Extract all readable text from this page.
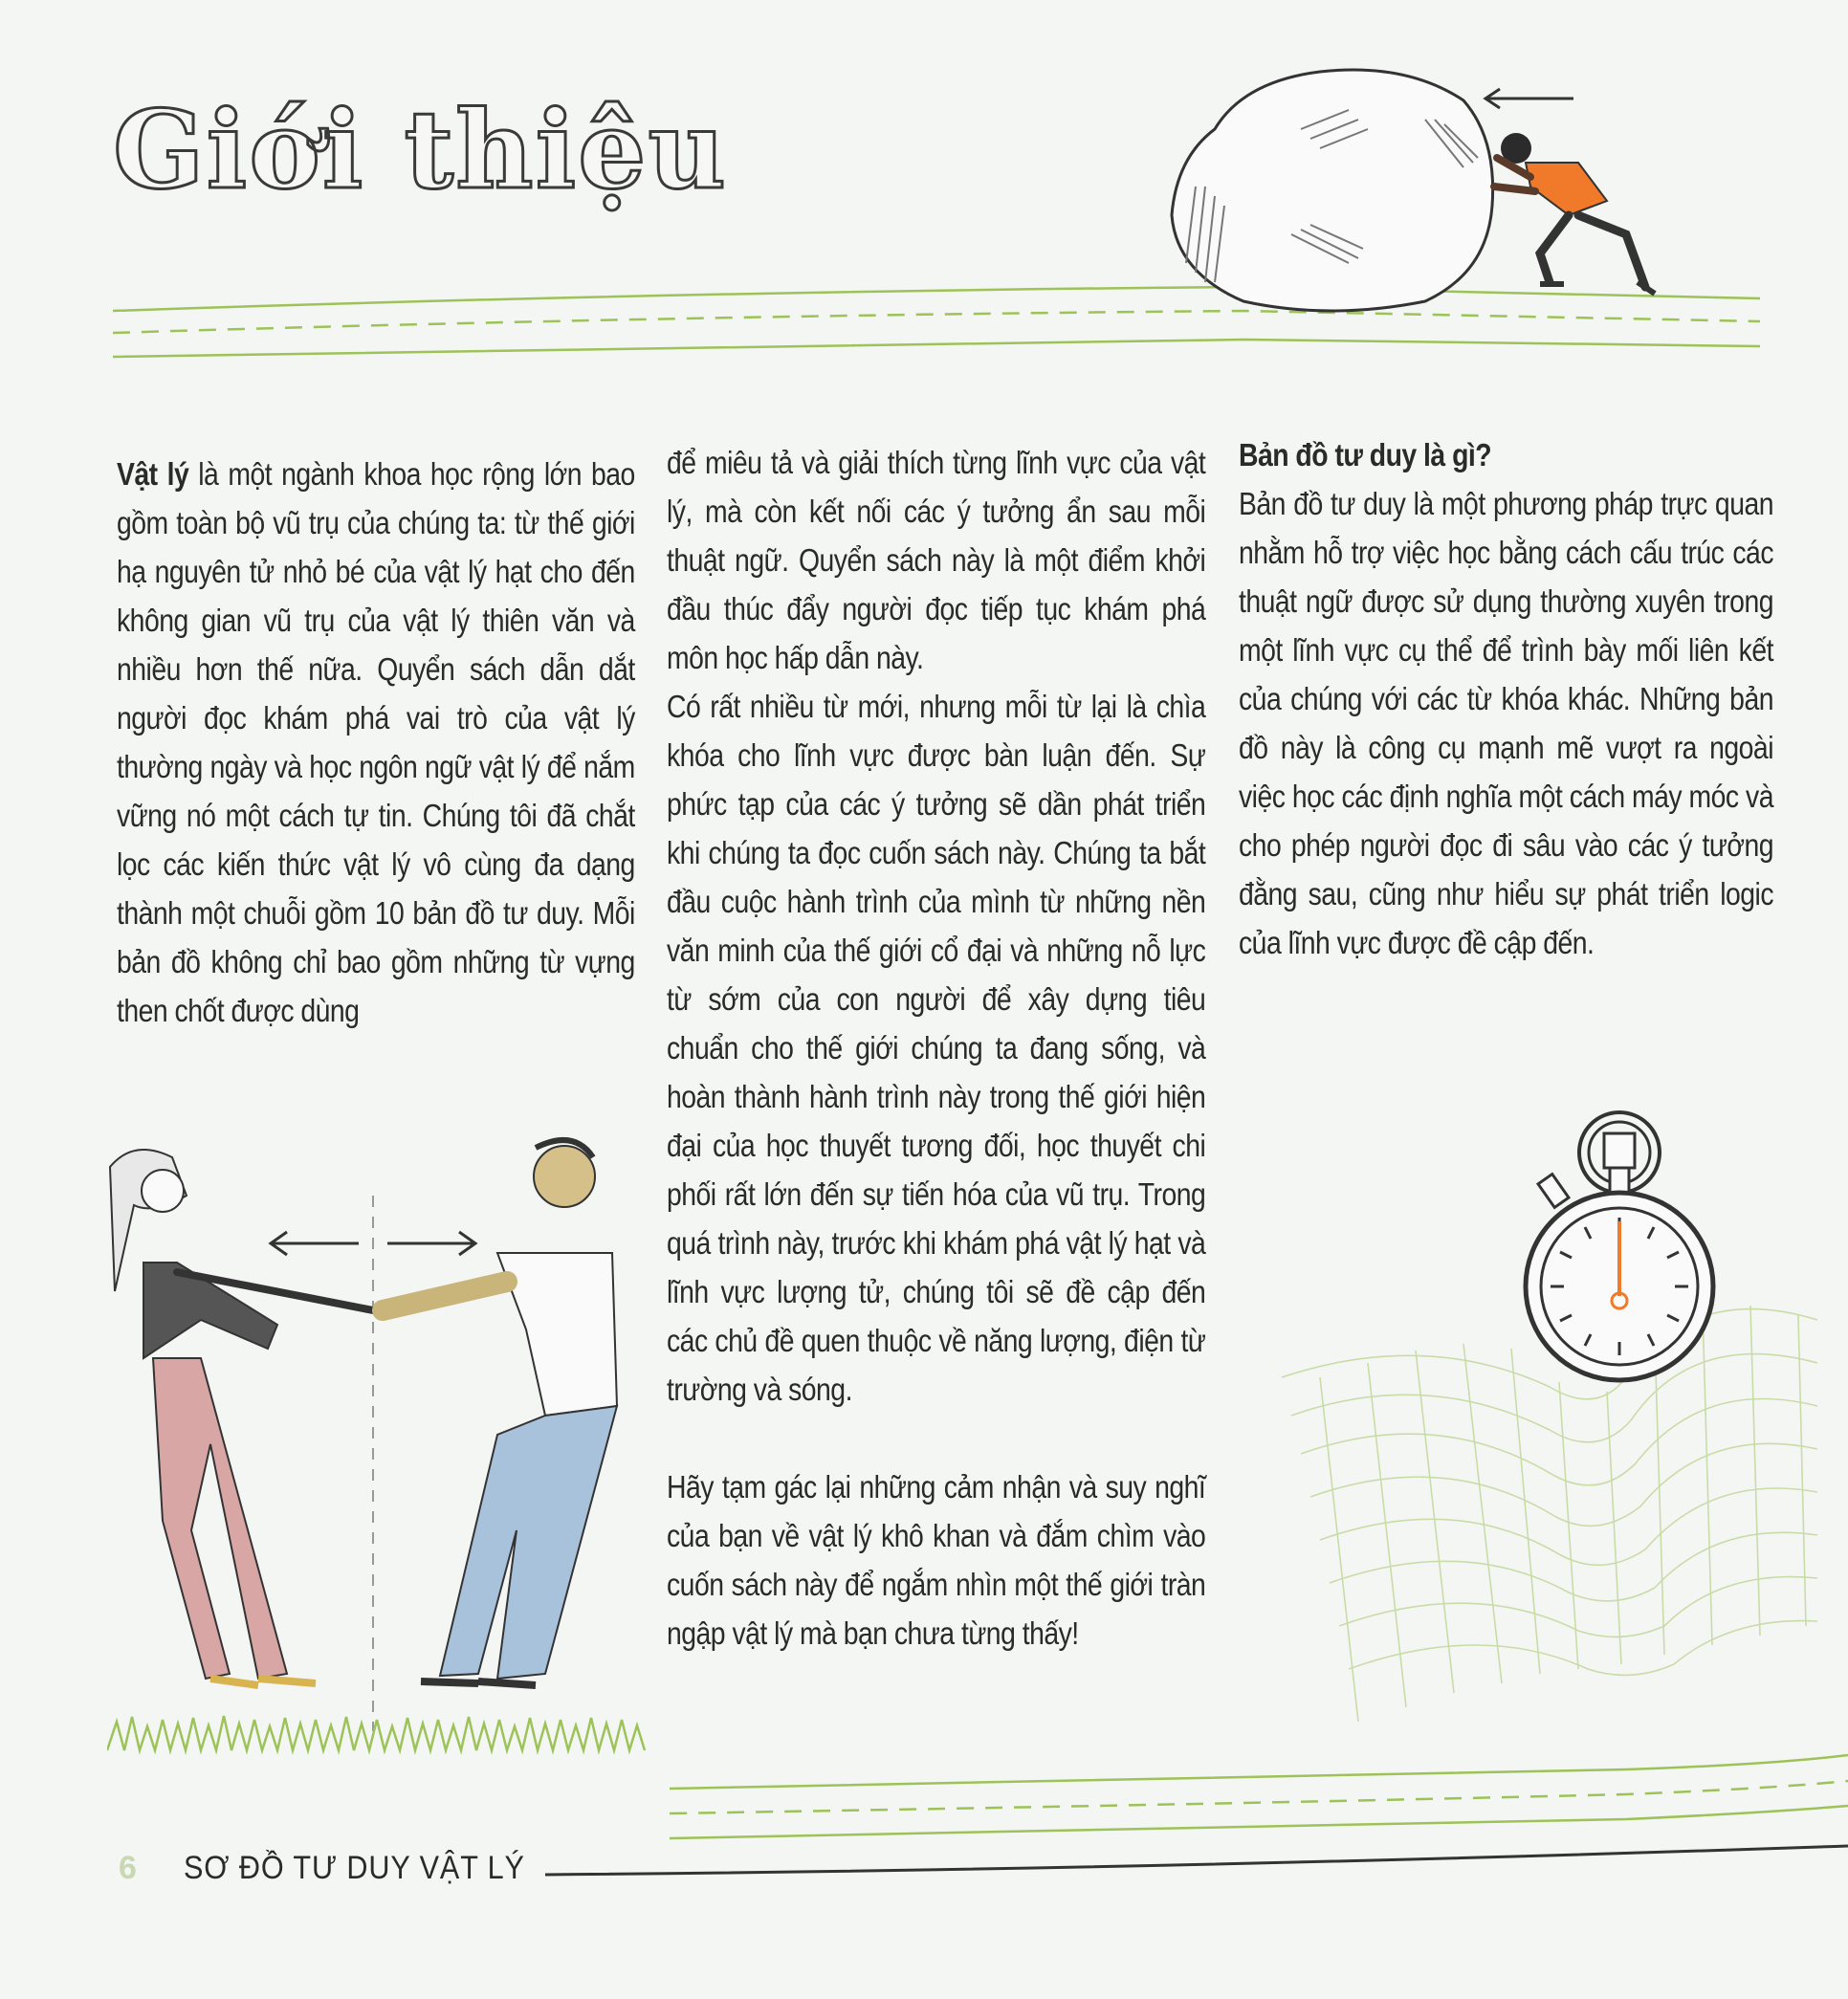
Giới thiệu

Vật lý là một ngành khoa học rộng lớn bao gồm toàn bộ vũ trụ của chúng ta: từ thế giới hạ nguyên tử nhỏ bé của vật lý hạt cho đến không gian vũ trụ của vật lý thiên văn và nhiều hơn thế nữa. Quyển sách dẫn dắt người đọc khám phá vai trò của vật lý thường ngày và học ngôn ngữ vật lý để nắm vững nó một cách tự tin. Chúng tôi đã chắt lọc các kiến thức vật lý vô cùng đa dạng thành một chuỗi gồm 10 bản đồ tư duy. Mỗi bản đồ không chỉ bao gồm những từ vựng then chốt được dùng

để miêu tả và giải thích từng lĩnh vực của vật lý, mà còn kết nối các ý tưởng ẩn sau mỗi thuật ngữ. Quyển sách này là một điểm khởi đầu thúc đẩy người đọc tiếp tục khám phá môn học hấp dẫn này.

Có rất nhiều từ mới, nhưng mỗi từ lại là chìa khóa cho lĩnh vực được bàn luận đến. Sự phức tạp của các ý tưởng sẽ dần phát triển khi chúng ta đọc cuốn sách này. Chúng ta bắt đầu cuộc hành trình của mình từ những nền văn minh của thế giới cổ đại và những nỗ lực từ sớm của con người để xây dựng tiêu chuẩn cho thế giới chúng ta đang sống, và hoàn thành hành trình này trong thế giới hiện đại của học thuyết tương đối, học thuyết chi phối rất lớn đến sự tiến hóa của vũ trụ. Trong quá trình này, trước khi khám phá vật lý hạt và lĩnh vực lượng tử, chúng tôi sẽ đề cập đến các chủ đề quen thuộc về năng lượng, điện từ trường và sóng.

Hãy tạm gác lại những cảm nhận và suy nghĩ của bạn về vật lý khô khan và đắm chìm vào cuốn sách này để ngắm nhìn một thế giới tràn ngập vật lý mà bạn chưa từng thấy!

Bản đồ tư duy là gì?

Bản đồ tư duy là một phương pháp trực quan nhằm hỗ trợ việc học bằng cách cấu trúc các thuật ngữ được sử dụng thường xuyên trong một lĩnh vực cụ thể để trình bày mối liên kết của chúng với các từ khóa khác. Những bản đồ này là công cụ mạnh mẽ vượt ra ngoài việc học các định nghĩa một cách máy móc và cho phép người đọc đi sâu vào các ý tưởng đằng sau, cũng như hiểu sự phát triển logic của lĩnh vực được đề cập đến.

6 SƠ ĐỒ TƯ DUY VẬT LÝ
